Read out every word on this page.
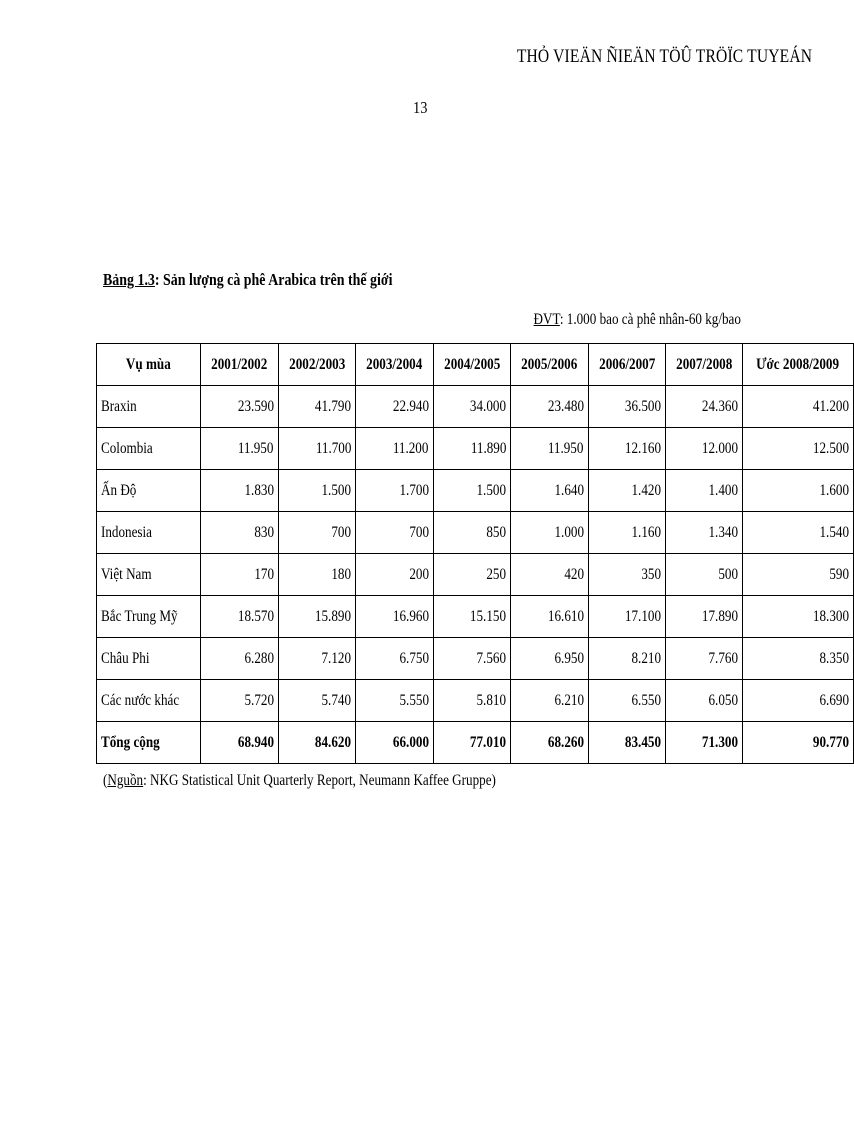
THỎ VIEÄN ÑIEÄN TÖÛ TRÖÏC TUYEÁN
13
Bảng 1.3: Sản lượng cà phê Arabica trên thế giới
ĐVT: 1.000 bao cà phê nhân-60 kg/bao
Vụ mùa	2001/2002	2002/2003	2003/2004	2004/2005	2005/2006	2006/2007	2007/2008	Ước 2008/2009
Braxin	23.590	41.790	22.940	34.000	23.480	36.500	24.360	41.200
Colombia	11.950	11.700	11.200	11.890	11.950	12.160	12.000	12.500
Ấn Độ	1.830	1.500	1.700	1.500	1.640	1.420	1.400	1.600
Indonesia	830	700	700	850	1.000	1.160	1.340	1.540
Việt Nam	170	180	200	250	420	350	500	590
Bắc Trung Mỹ	18.570	15.890	16.960	15.150	16.610	17.100	17.890	18.300
Châu Phi	6.280	7.120	6.750	7.560	6.950	8.210	7.760	8.350
Các nước khác	5.720	5.740	5.550	5.810	6.210	6.550	6.050	6.690
Tổng cộng	68.940	84.620	66.000	77.010	68.260	83.450	71.300	90.770
(Nguồn: NKG Statistical Unit Quarterly Report, Neumann Kaffee Gruppe)
